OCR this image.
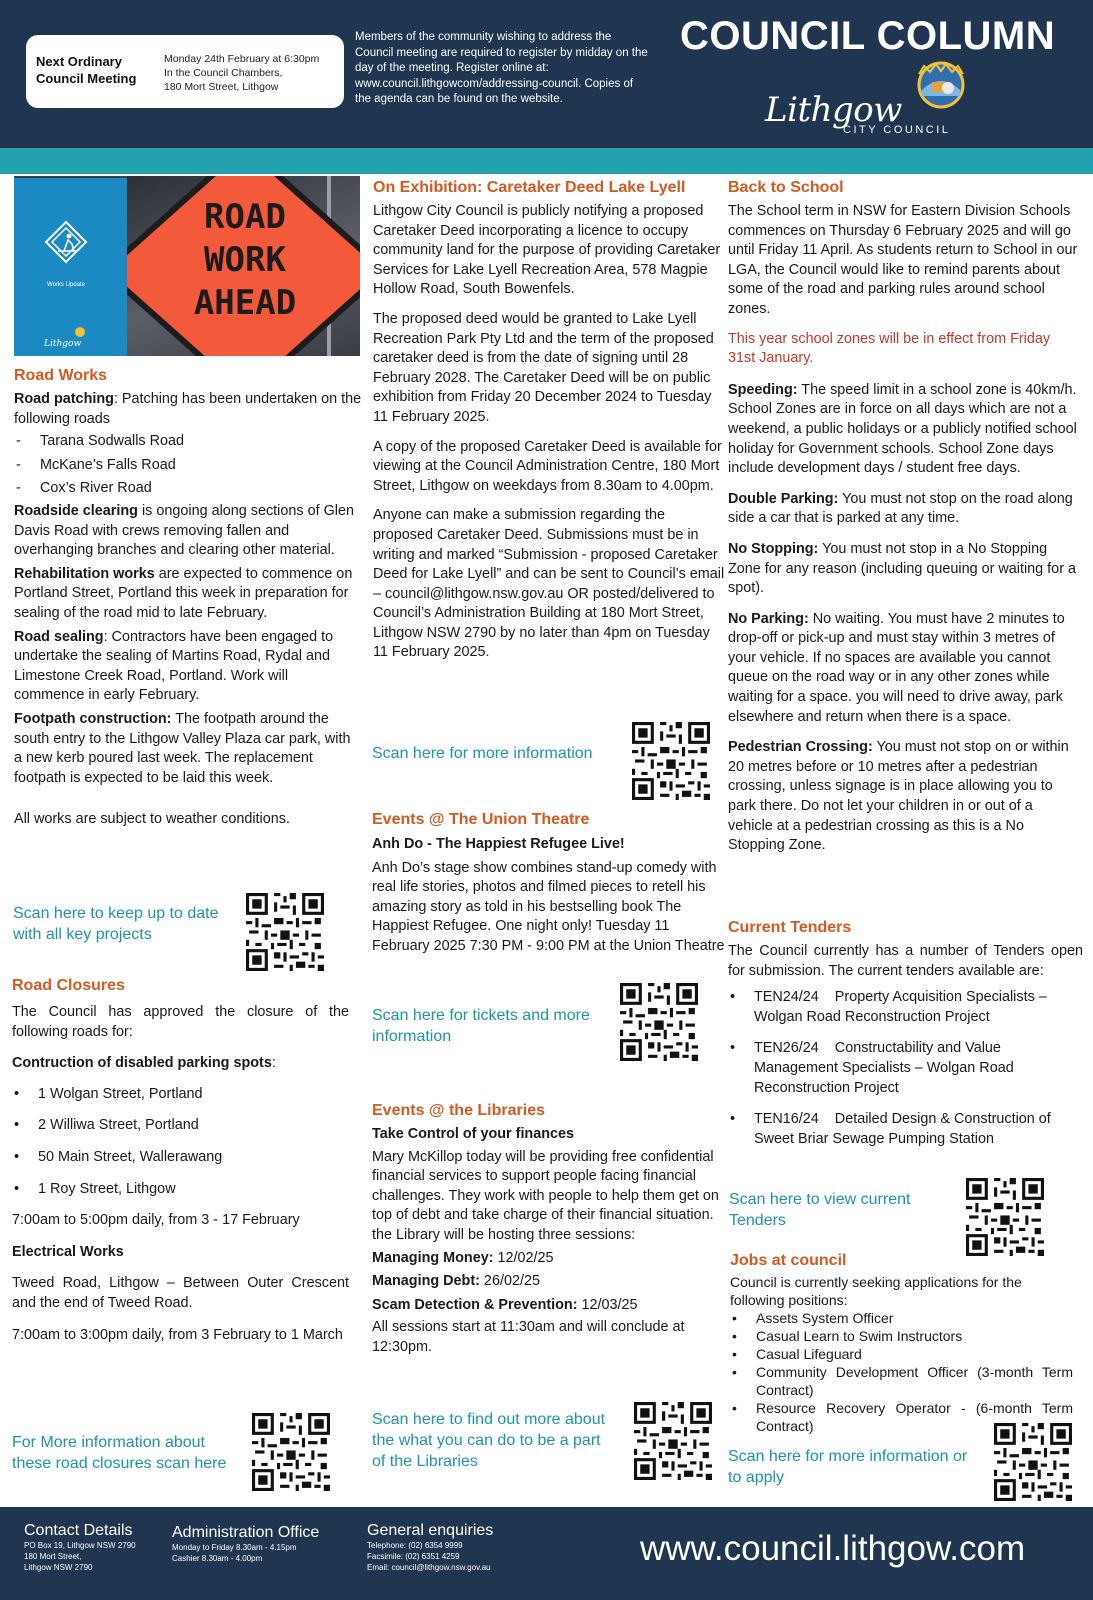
Next Ordinary
Council Meeting
Monday 24th February at 6:30pm
In the Council Chambers,
180 Mort Street, Lithgow
Members of the community wishing to address the Council meeting are required to register by midday on the day of the meeting. Register online at: www.council.lithgowcom/addressing-council. Copies of the agenda can be found on the website.
COUNCIL COLUMN
Lithgow
CITY COUNCIL
ROAD
WORK
AHEAD
Works Update
Lithgow
Road Works
Road patching: Patching has been undertaken on the following roads
- Tarana Sodwalls Road
- McKane’s Falls Road
- Cox’s River Road
Roadside clearing is ongoing along sections of Glen Davis Road with crews removing fallen and overhanging branches and clearing other material.
Rehabilitation works are expected to commence on Portland Street, Portland this week in preparation for sealing of the road mid to late February.
Road sealing: Contractors have been engaged to undertake the sealing of Martins Road, Rydal and Limestone Creek Road, Portland. Work will commence in early February.
Footpath construction: The footpath around the south entry to the Lithgow Valley Plaza car park, with a new kerb poured last week. The replacement footpath is expected to be laid this week.
All works are subject to weather conditions.
Scan here to keep up to date with all key projects
Road Closures
The Council has approved the closure of the following roads for:
Contruction of disabled parking spots:
• 1 Wolgan Street, Portland
• 2 Williwa Street, Portland
• 50 Main Street, Wallerawang
• 1 Roy Street, Lithgow
7:00am to 5:00pm daily, from 3 - 17 February
Electrical Works
Tweed Road, Lithgow – Between Outer Crescent and the end of Tweed Road.
7:00am to 3:00pm daily, from 3 February to 1 March
For More information about these road closures scan here
On Exhibition: Caretaker Deed Lake Lyell
Lithgow City Council is publicly notifying a proposed Caretaker Deed incorporating a licence to occupy community land for the purpose of providing Caretaker Services for Lake Lyell Recreation Area, 578 Magpie Hollow Road, South Bowenfels.
The proposed deed would be granted to Lake Lyell Recreation Park Pty Ltd and the term of the proposed caretaker deed is from the date of signing until 28 February 2028. The Caretaker Deed will be on public exhibition from Friday 20 December 2024 to Tuesday 11 February 2025.
A copy of the proposed Caretaker Deed is available for viewing at the Council Administration Centre, 180 Mort Street, Lithgow on weekdays from 8.30am to 4.00pm.
Anyone can make a submission regarding the proposed Caretaker Deed. Submissions must be in writing and marked “Submission - proposed Caretaker Deed for Lake Lyell” and can be sent to Council’s email – council@lithgow.nsw.gov.au OR posted/delivered to Council’s Administration Building at 180 Mort Street, Lithgow NSW 2790 by no later than 4pm on Tuesday 11 February 2025.
Scan here for more information
Events @ The Union Theatre
Anh Do - The Happiest Refugee Live!
Anh Do’s stage show combines stand-up comedy with real life stories, photos and filmed pieces to retell his amazing story as told in his bestselling book The Happiest Refugee. One night only! Tuesday 11 February 2025 7:30 PM - 9:00 PM at the Union Theatre
Scan here for tickets and more information
Events @ the Libraries
Take Control of your finances
Mary McKillop today will be providing free confidential financial services to support people facing financial challenges. They work with people to help them get on top of debt and take charge of their financial situation. the Library will be hosting three sessions:
Managing Money: 12/02/25
Managing Debt: 26/02/25
Scam Detection & Prevention: 12/03/25
All sessions start at 11:30am and will conclude at 12:30pm.
Scan here to find out more about the what you can do to be a part of the Libraries
Back to School
The School term in NSW for Eastern Division Schools commences on Thursday 6 February 2025 and will go until Friday 11 April. As students return to School in our LGA, the Council would like to remind parents about some of the road and parking rules around school zones.
This year school zones will be in effect from Friday 31st January.
Speeding: The speed limit in a school zone is 40km/h. School Zones are in force on all days which are not a weekend, a public holidays or a publicly notified school holiday for Government schools. School Zone days include development days / student free days.
Double Parking: You must not stop on the road along side a car that is parked at any time.
No Stopping: You must not stop in a No Stopping Zone for any reason (including queuing or waiting for a spot).
No Parking: No waiting. You must have 2 minutes to drop-off or pick-up and must stay within 3 metres of your vehicle. If no spaces are available you cannot queue on the road way or in any other zones while waiting for a space. you will need to drive away, park elsewhere and return when there is a space.
Pedestrian Crossing: You must not stop on or within 20 metres before or 10 metres after a pedestrian crossing, unless signage is in place allowing you to park there. Do not let your children in or out of a vehicle at a pedestrian crossing as this is a No Stopping Zone.
Current Tenders
The Council currently has a number of Tenders open for submission. The current tenders available are:
• TEN24/24 Property Acquisition Specialists – Wolgan Road Reconstruction Project
• TEN26/24 Constructability and Value Management Specialists – Wolgan Road Reconstruction Project
• TEN16/24 Detailed Design & Construction of Sweet Briar Sewage Pumping Station
Scan here to view current Tenders
Jobs at council
Council is currently seeking applications for the following positions:
• Assets System Officer
• Casual Learn to Swim Instructors
• Casual Lifeguard
• Community Development Officer (3-month Term Contract)
• Resource Recovery Operator - (6-month Term Contract)
Scan here for more information or to apply
Contact Details
PO Box 19, Lithgow NSW 2790
180 Mort Street,
Lithgow NSW 2790
Administration Office
Monday to Friday 8.30am - 4.15pm
Cashier 8.30am - 4.00pm
General enquiries
Telephone: (02) 6354 9999
Facsimile: (02) 6351 4259
Email: council@lithgow.nsw.gov.au	www.council.lithgow.com
